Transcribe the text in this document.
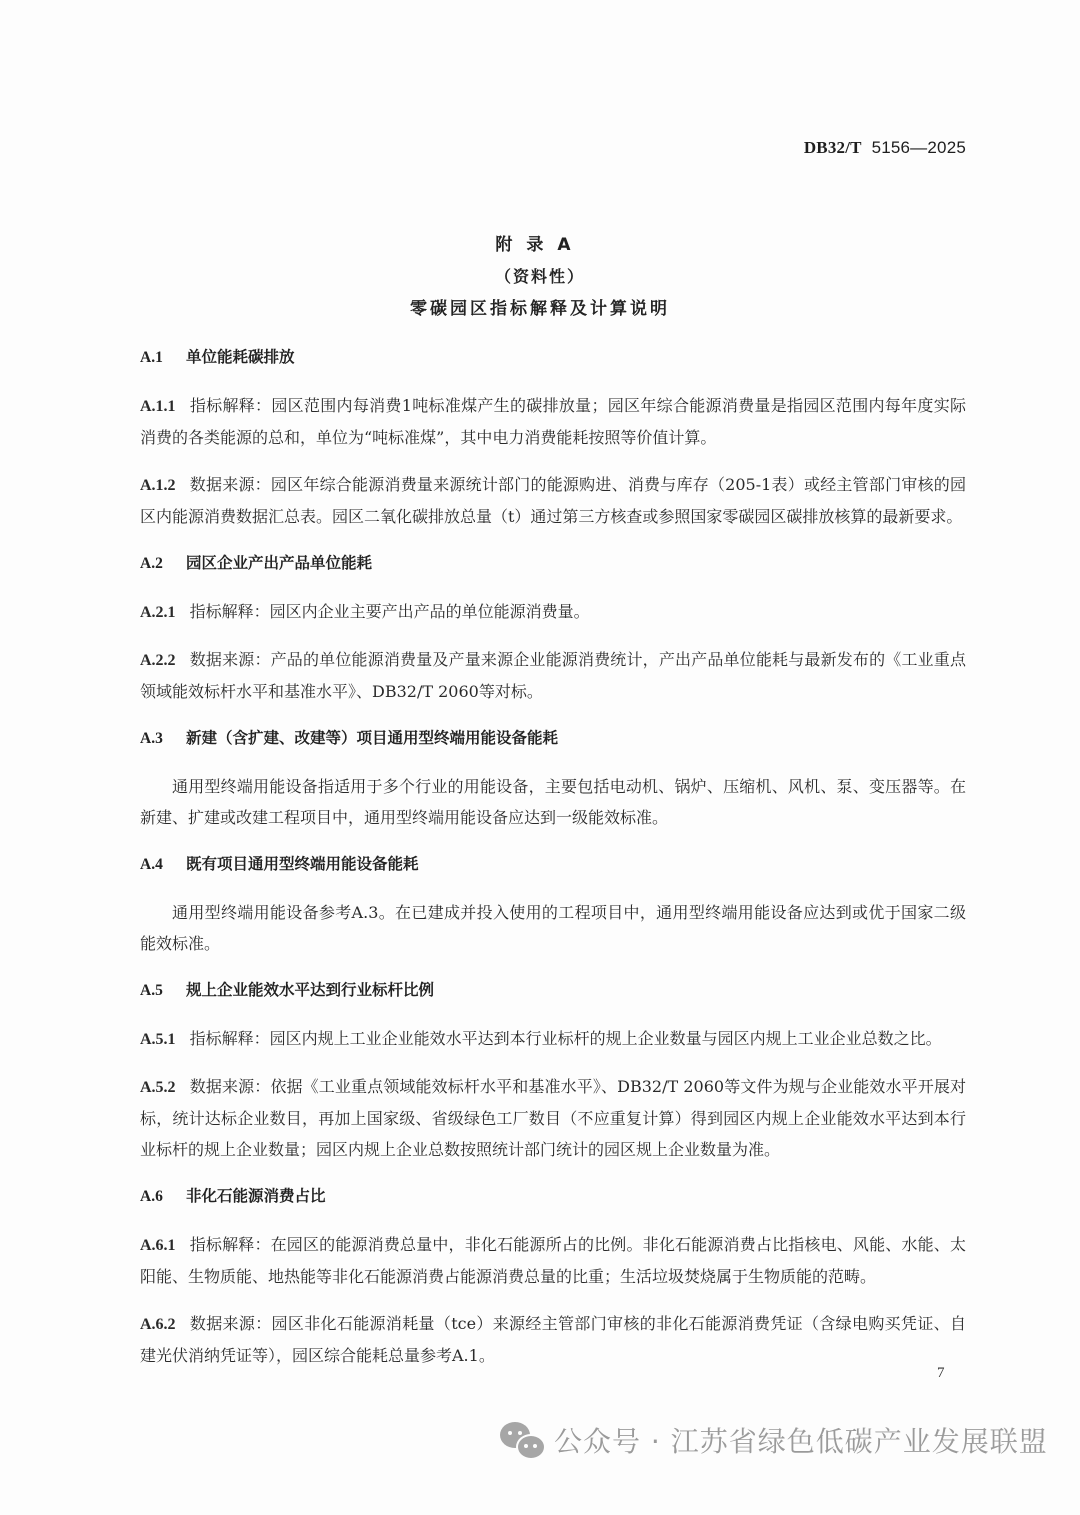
DB32/T 5156—2025
附录A
（资料性）
零碳园区指标解释及计算说明
A.1 单位能耗碳排放

A.1.1 指标解释：园区范围内每消费1吨标准煤产生的碳排放量；园区年综合能源消费量是指园区范围内每年度实际消费的各类能源的总和，单位为“吨标准煤”，其中电力消费能耗按照等价值计算。

A.1.2 数据来源：园区年综合能源消费量来源统计部门的能源购进、消费与库存（205-1表）或经主管部门审核的园区内能源消费数据汇总表。园区二氧化碳排放总量（t）通过第三方核查或参照国家零碳园区碳排放核算的最新要求。

A.2 园区企业产出产品单位能耗

A.2.1 指标解释：园区内企业主要产出产品的单位能源消费量。

A.2.2 数据来源：产品的单位能源消费量及产量来源企业能源消费统计，产出产品单位能耗与最新发布的《工业重点领域能效标杆水平和基准水平》、DB32/T 2060等对标。

A.3 新建（含扩建、改建等）项目通用型终端用能设备能耗

通用型终端用能设备指适用于多个行业的用能设备，主要包括电动机、锅炉、压缩机、风机、泵、变压器等。在新建、扩建或改建工程项目中，通用型终端用能设备应达到一级能效标准。

A.4 既有项目通用型终端用能设备能耗

通用型终端用能设备参考A.3。在已建成并投入使用的工程项目中，通用型终端用能设备应达到或优于国家二级能效标准。

A.5 规上企业能效水平达到行业标杆比例

A.5.1 指标解释：园区内规上工业企业能效水平达到本行业标杆的规上企业数量与园区内规上工业企业总数之比。

A.5.2 数据来源：依据《工业重点领域能效标杆水平和基准水平》、DB32/T 2060等文件为规与企业能效水平开展对标，统计达标企业数目，再加上国家级、省级绿色工厂数目（不应重复计算）得到园区内规上企业能效水平达到本行业标杆的规上企业数量；园区内规上企业总数按照统计部门统计的园区规上企业数量为准。

A.6 非化石能源消费占比

A.6.1 指标解释：在园区的能源消费总量中，非化石能源所占的比例。非化石能源消费占比指核电、风能、水能、太阳能、生物质能、地热能等非化石能源消费占能源消费总量的比重；生活垃圾焚烧属于生物质能的范畴。

A.6.2 数据来源：园区非化石能源消耗量（tce）来源经主管部门审核的非化石能源消费凭证（含绿电购买凭证、自建光伏消纳凭证等），园区综合能耗总量参考A.1。

7
公众号 · 江苏省绿色低碳产业发展联盟
